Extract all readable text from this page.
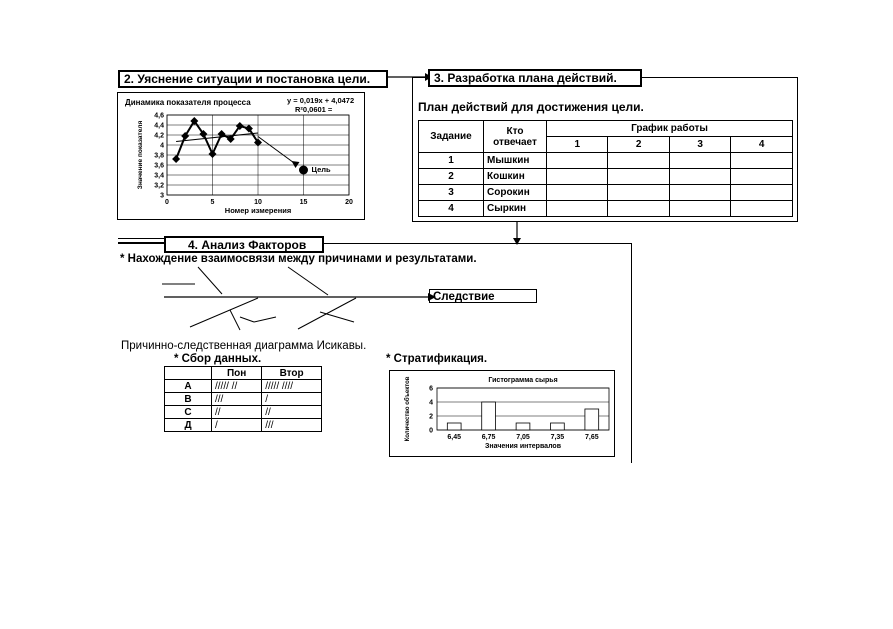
2. Уяснение ситуации и постановка цели.
Динамика показателя процесса	y = 0,019x + 4,0472
R²0,0601 =
3
3,2
3,4
3,6
3,8
4
4,2
4,4
4,6
0	5	10	15	20
Номер измерения
Значение показателя	Цель
3. Разработка плана действий.
План действий для достижения цели.
Задание	Кто отвечает	График работы			
		1	2	3	4
1	Мышкин				
2	Кошкин				
3	Сорокин				
4	Сыркин				
4. Анализ Факторов
* Нахождение взаимосвязи между причинами и результатами.
Следствие
Причинно-следственная диаграмма Исикавы.
* Сбор данных.	* Стратификация.
	Пон	Втор
А	///// //	///// ////
В	///	/
С	//	//
Д	/	///
Гистограмма сырья
0
2
4
6
6,45	6,75	7,05	7,35	7,65
Значения интервалов
Количество объектов
